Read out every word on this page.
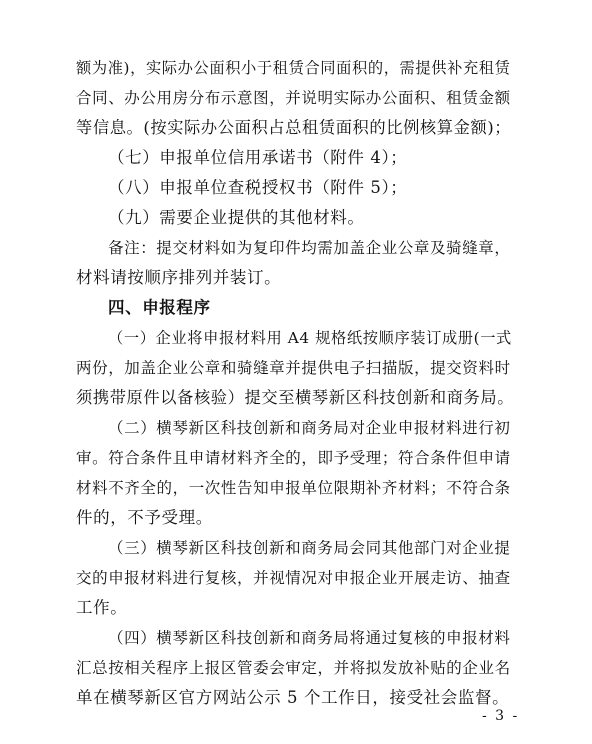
额为准)，实际办公面积小于租赁合同面积的，需提供补充租赁
合同、办公用房分布示意图，并说明实际办公面积、租赁金额
等信息。(按实际办公面积占总租赁面积的比例核算金额)；
（七）申报单位信用承诺书（附件 4）；
（八）申报单位查税授权书（附件 5）；
（九）需要企业提供的其他材料。
备注：提交材料如为复印件均需加盖企业公章及骑缝章，
材料请按顺序排列并装订。
四、申报程序
（一）企业将申报材料用 A4 规格纸按顺序装订成册(一式
两份，加盖企业公章和骑缝章并提供电子扫描版，提交资料时
须携带原件以备核验）提交至横琴新区科技创新和商务局。
（二）横琴新区科技创新和商务局对企业申报材料进行初
审。符合条件且申请材料齐全的，即予受理；符合条件但申请
材料不齐全的，一次性告知申报单位限期补齐材料；不符合条
件的，不予受理。
（三）横琴新区科技创新和商务局会同其他部门对企业提
交的申报材料进行复核，并视情况对申报企业开展走访、抽查
工作。
（四）横琴新区科技创新和商务局将通过复核的申报材料
汇总按相关程序上报区管委会审定，并将拟发放补贴的企业名
单在横琴新区官方网站公示 5 个工作日，接受社会监督。
- 3 -
